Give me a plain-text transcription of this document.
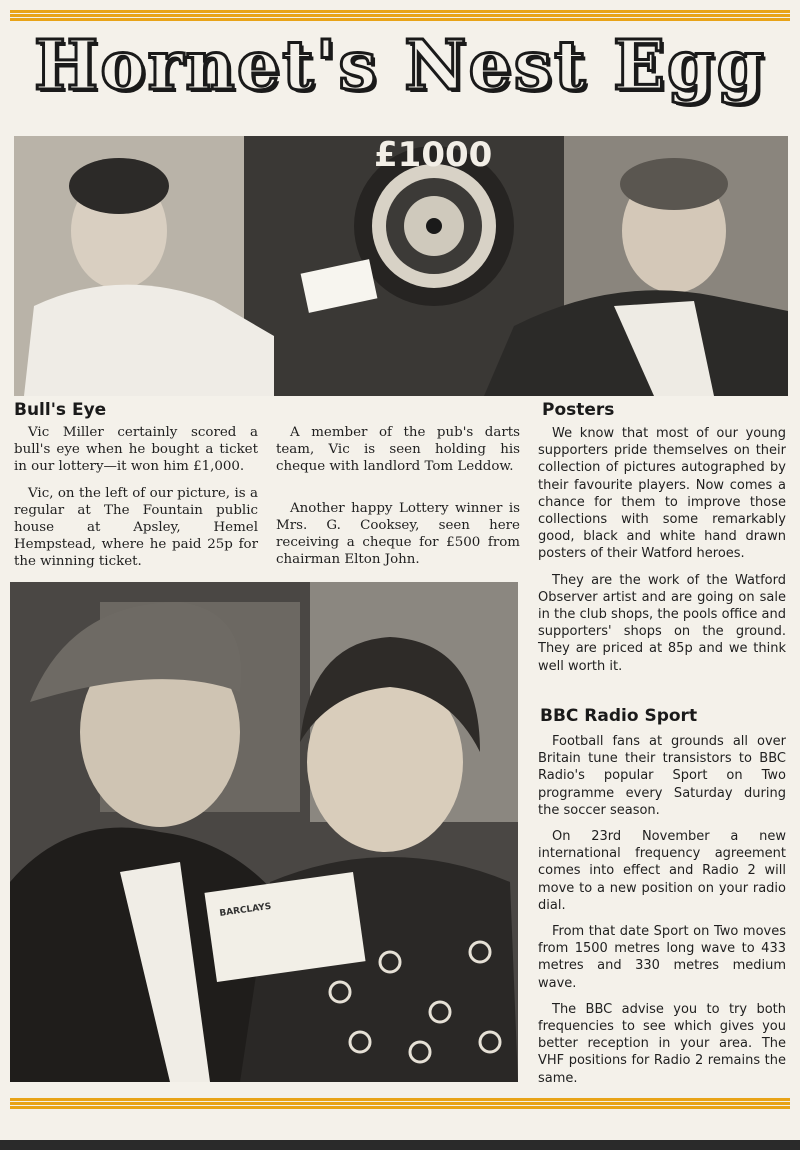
Hornet's Nest Egg
£1000
Bull's Eye

Vic Miller certainly scored a bull's eye when he bought a ticket in our lottery—it won him £1,000.

Vic, on the left of our picture, is a regular at The Fountain public house at Apsley, Hemel Hempstead, where he paid 25p for the winning ticket.

A member of the pub's darts team, Vic is seen holding his cheque with landlord Tom Leddow.

Another happy Lottery winner is Mrs. G. Cooksey, seen here receiving a cheque for £500 from chairman Elton John.

Posters

We know that most of our young supporters pride themselves on their collection of pictures autographed by their favourite players. Now comes a chance for them to improve those collections with some remarkably good, black and white hand drawn posters of their Watford heroes.

They are the work of the Watford Observer artist and are going on sale in the club shops, the pools office and supporters' shops on the ground. They are priced at 85p and we think well worth it.

BARCLAYS
BBC Radio Sport

Football fans at grounds all over Britain tune their transistors to BBC Radio's popular Sport on Two programme every Saturday during the soccer season.

On 23rd November a new international frequency agreement comes into effect and Radio 2 will move to a new position on your radio dial.

From that date Sport on Two moves from 1500 metres long wave to 433 metres and 330 metres medium wave.

The BBC advise you to try both frequencies to see which gives you better reception in your area. The VHF positions for Radio 2 remains the same.
